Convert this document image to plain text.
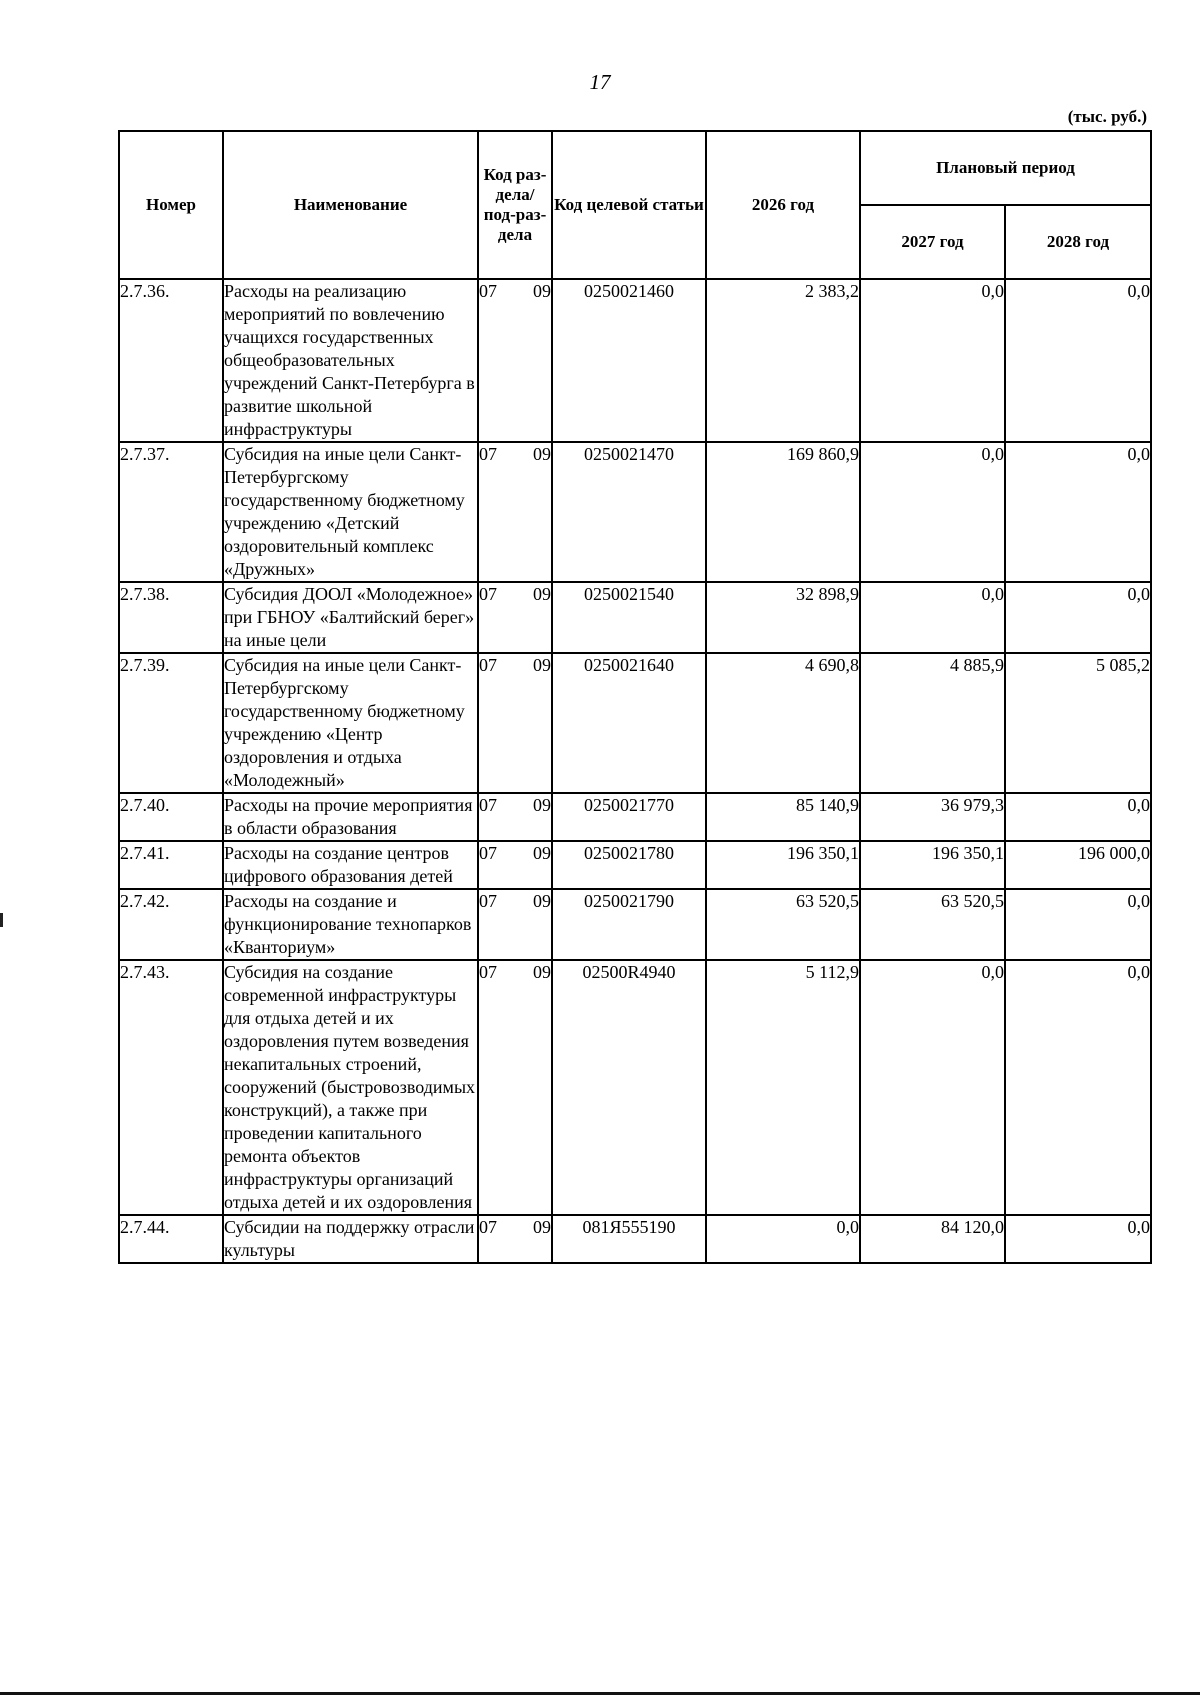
17
(тыс. руб.)
Номер	Наименование	Код раз-дела/ под-раз-дела	Код целевой статьи	2026 год	Плановый период	
					2027 год	2028 год
2.7.36.	Расходы на реализацию мероприятий по вовлечению учащихся государственных общеобразовательных учреждений Санкт-Петербурга в развитие школьной инфраструктуры	07 09	0250021460	2 383,2	0,0	0,0
2.7.37.	Субсидия на иные цели Санкт-Петербургскому государственному бюджетному учреждению «Детский оздоровительный комплекс «Дружных»	07 09	0250021470	169 860,9	0,0	0,0
2.7.38.	Субсидия ДООЛ «Молодежное» при ГБНОУ «Балтийский берег» на иные цели	07 09	0250021540	32 898,9	0,0	0,0
2.7.39.	Субсидия на иные цели Санкт-Петербургскому государственному бюджетному учреждению «Центр оздоровления и отдыха «Молодежный»	07 09	0250021640	4 690,8	4 885,9	5 085,2
2.7.40.	Расходы на прочие мероприятия в области образования	07 09	0250021770	85 140,9	36 979,3	0,0
2.7.41.	Расходы на создание центров цифрового образования детей	07 09	0250021780	196 350,1	196 350,1	196 000,0
2.7.42.	Расходы на создание и функционирование технопарков «Кванториум»	07 09	0250021790	63 520,5	63 520,5	0,0
2.7.43.	Субсидия на создание современной инфраструктуры для отдыха детей и их оздоровления путем возведения некапитальных строений, сооружений (быстровозводимых конструкций), а также при проведении капитального ремонта объектов инфраструктуры организаций отдыха детей и их оздоровления	07 09	02500R4940	5 112,9	0,0	0,0
2.7.44.	Субсидии на поддержку отрасли культуры	07 09	081Я555190	0,0	84 120,0	0,0
